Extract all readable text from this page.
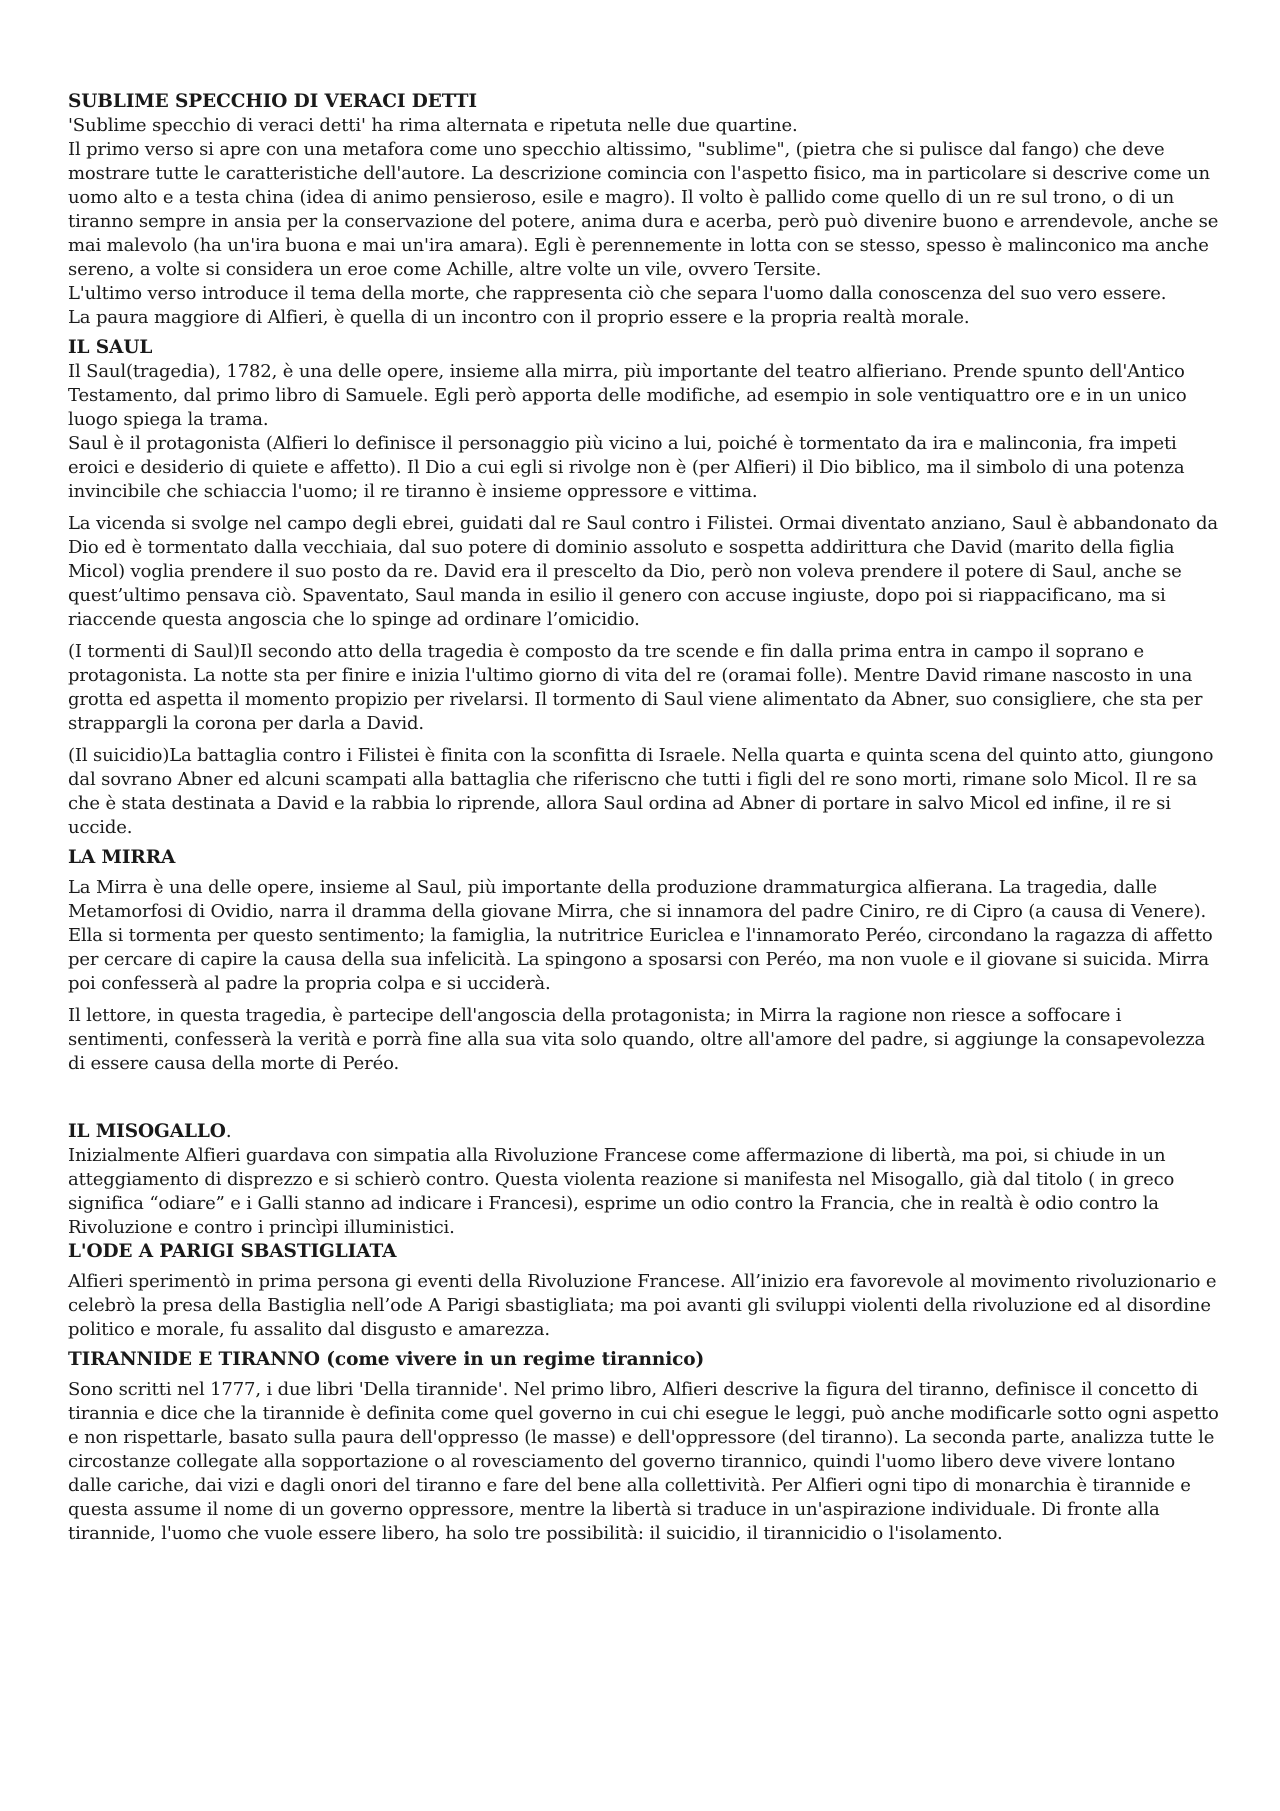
SUBLIME SPECCHIO DI VERACI DETTI

'Sublime specchio di veraci detti' ha rima alternata e ripetuta nelle due quartine.

Il primo verso si apre con una metafora come uno specchio altissimo, "sublime", (pietra che si pulisce dal fango) che deve mostrare tutte le caratteristiche dell'autore. La descrizione comincia con l'aspetto fisico, ma in particolare si descrive come un uomo alto e a testa china (idea di animo pensieroso, esile e magro). Il volto è pallido come quello di un re sul trono, o di un tiranno sempre in ansia per la conservazione del potere, anima dura e acerba, però può divenire buono e arrendevole, anche se mai malevolo (ha un'ira buona e mai un'ira amara). Egli è perennemente in lotta con se stesso, spesso è malinconico ma anche sereno, a volte si considera un eroe come Achille, altre volte un vile, ovvero Tersite.

L'ultimo verso introduce il tema della morte, che rappresenta ciò che separa l'uomo dalla conoscenza del suo vero essere.

La paura maggiore di Alfieri, è quella di un incontro con il proprio essere e la propria realtà morale.

IL SAUL

Il Saul(tragedia), 1782, è una delle opere, insieme alla mirra, più importante del teatro alfieriano. Prende spunto dell'Antico Testamento, dal primo libro di Samuele. Egli però apporta delle modifiche, ad esempio in sole ventiquattro ore e in un unico luogo spiega la trama.

Saul è il protagonista (Alfieri lo definisce il personaggio più vicino a lui, poiché è tormentato da ira e malinconia, fra impeti eroici e desiderio di quiete e affetto). Il Dio a cui egli si rivolge non è (per Alfieri) il Dio biblico, ma il simbolo di una potenza invincibile che schiaccia l'uomo; il re tiranno è insieme oppressore e vittima.

La vicenda si svolge nel campo degli ebrei, guidati dal re Saul contro i Filistei. Ormai diventato anziano, Saul è abbandonato da Dio ed è tormentato dalla vecchiaia, dal suo potere di dominio assoluto e sospetta addirittura che David (marito della figlia Micol) voglia prendere il suo posto da re. David era il prescelto da Dio, però non voleva prendere il potere di Saul, anche se quest’ultimo pensava ciò. Spaventato, Saul manda in esilio il genero con accuse ingiuste, dopo poi si riappacificano, ma si riaccende questa angoscia che lo spinge ad ordinare l’omicidio.

(I tormenti di Saul)Il secondo atto della tragedia è composto da tre scende e fin dalla prima entra in campo il soprano e protagonista. La notte sta per finire e inizia l'ultimo giorno di vita del re (oramai folle). Mentre David rimane nascosto in una grotta ed aspetta il momento propizio per rivelarsi. Il tormento di Saul viene alimentato da Abner, suo consigliere, che sta per strappargli la corona per darla a David.

(Il suicidio)La battaglia contro i Filistei è finita con la sconfitta di Israele. Nella quarta e quinta scena del quinto atto, giungono dal sovrano Abner ed alcuni scampati alla battaglia che riferiscno che tutti i figli del re sono morti, rimane solo Micol. Il re sa che è stata destinata a David e la rabbia lo riprende, allora Saul ordina ad Abner di portare in salvo Micol ed infine, il re si uccide.

LA MIRRA

La Mirra è una delle opere, insieme al Saul, più importante della produzione drammaturgica alfierana. La tragedia, dalle Metamorfosi di Ovidio, narra il dramma della giovane Mirra, che si innamora del padre Ciniro, re di Cipro (a causa di Venere). Ella si tormenta per questo sentimento; la famiglia, la nutritrice Euriclea e l'innamorato Peréo, circondano la ragazza di affetto per cercare di capire la causa della sua infelicità. La spingono a sposarsi con Peréo, ma non vuole e il giovane si suicida. Mirra poi confesserà al padre la propria colpa e si ucciderà.

Il lettore, in questa tragedia, è partecipe dell'angoscia della protagonista; in Mirra la ragione non riesce a soffocare i sentimenti, confesserà la verità e porrà fine alla sua vita solo quando, oltre all'amore del padre, si aggiunge la consapevolezza di essere causa della morte di Peréo.

IL MISOGALLO.

Inizialmente Alfieri guardava con simpatia alla Rivoluzione Francese come affermazione di libertà, ma poi, si chiude in un atteggiamento di disprezzo e si schierò contro. Questa violenta reazione si manifesta nel Misogallo, già dal titolo ( in greco significa “odiare” e i Galli stanno ad indicare i Francesi), esprime un odio contro la Francia, che in realtà è odio contro la Rivoluzione e contro i princìpi illuministici.

L'ODE A PARIGI SBASTIGLIATA

Alfieri sperimentò in prima persona gi eventi della Rivoluzione Francese. All’inizio era favorevole al movimento rivoluzionario e celebrò la presa della Bastiglia nell’ode A Parigi sbastigliata; ma poi avanti gli sviluppi violenti della rivoluzione ed al disordine politico e morale, fu assalito dal disgusto e amarezza.

TIRANNIDE E TIRANNO (come vivere in un regime tirannico)

Sono scritti nel 1777, i due libri 'Della tirannide'. Nel primo libro, Alfieri descrive la figura del tiranno, definisce il concetto di tirannia e dice che la tirannide è definita come quel governo in cui chi esegue le leggi, può anche modificarle sotto ogni aspetto e non rispettarle, basato sulla paura dell'oppresso (le masse) e dell'oppressore (del tiranno). La seconda parte, analizza tutte le circostanze collegate alla sopportazione o al rovesciamento del governo tirannico, quindi l'uomo libero deve vivere lontano dalle cariche, dai vizi e dagli onori del tiranno e fare del bene alla collettività. Per Alfieri ogni tipo di monarchia è tirannide e questa assume il nome di un governo oppressore, mentre la libertà si traduce in un'aspirazione individuale. Di fronte alla tirannide, l'uomo che vuole essere libero, ha solo tre possibilità: il suicidio, il tirannicidio o l'isolamento.
